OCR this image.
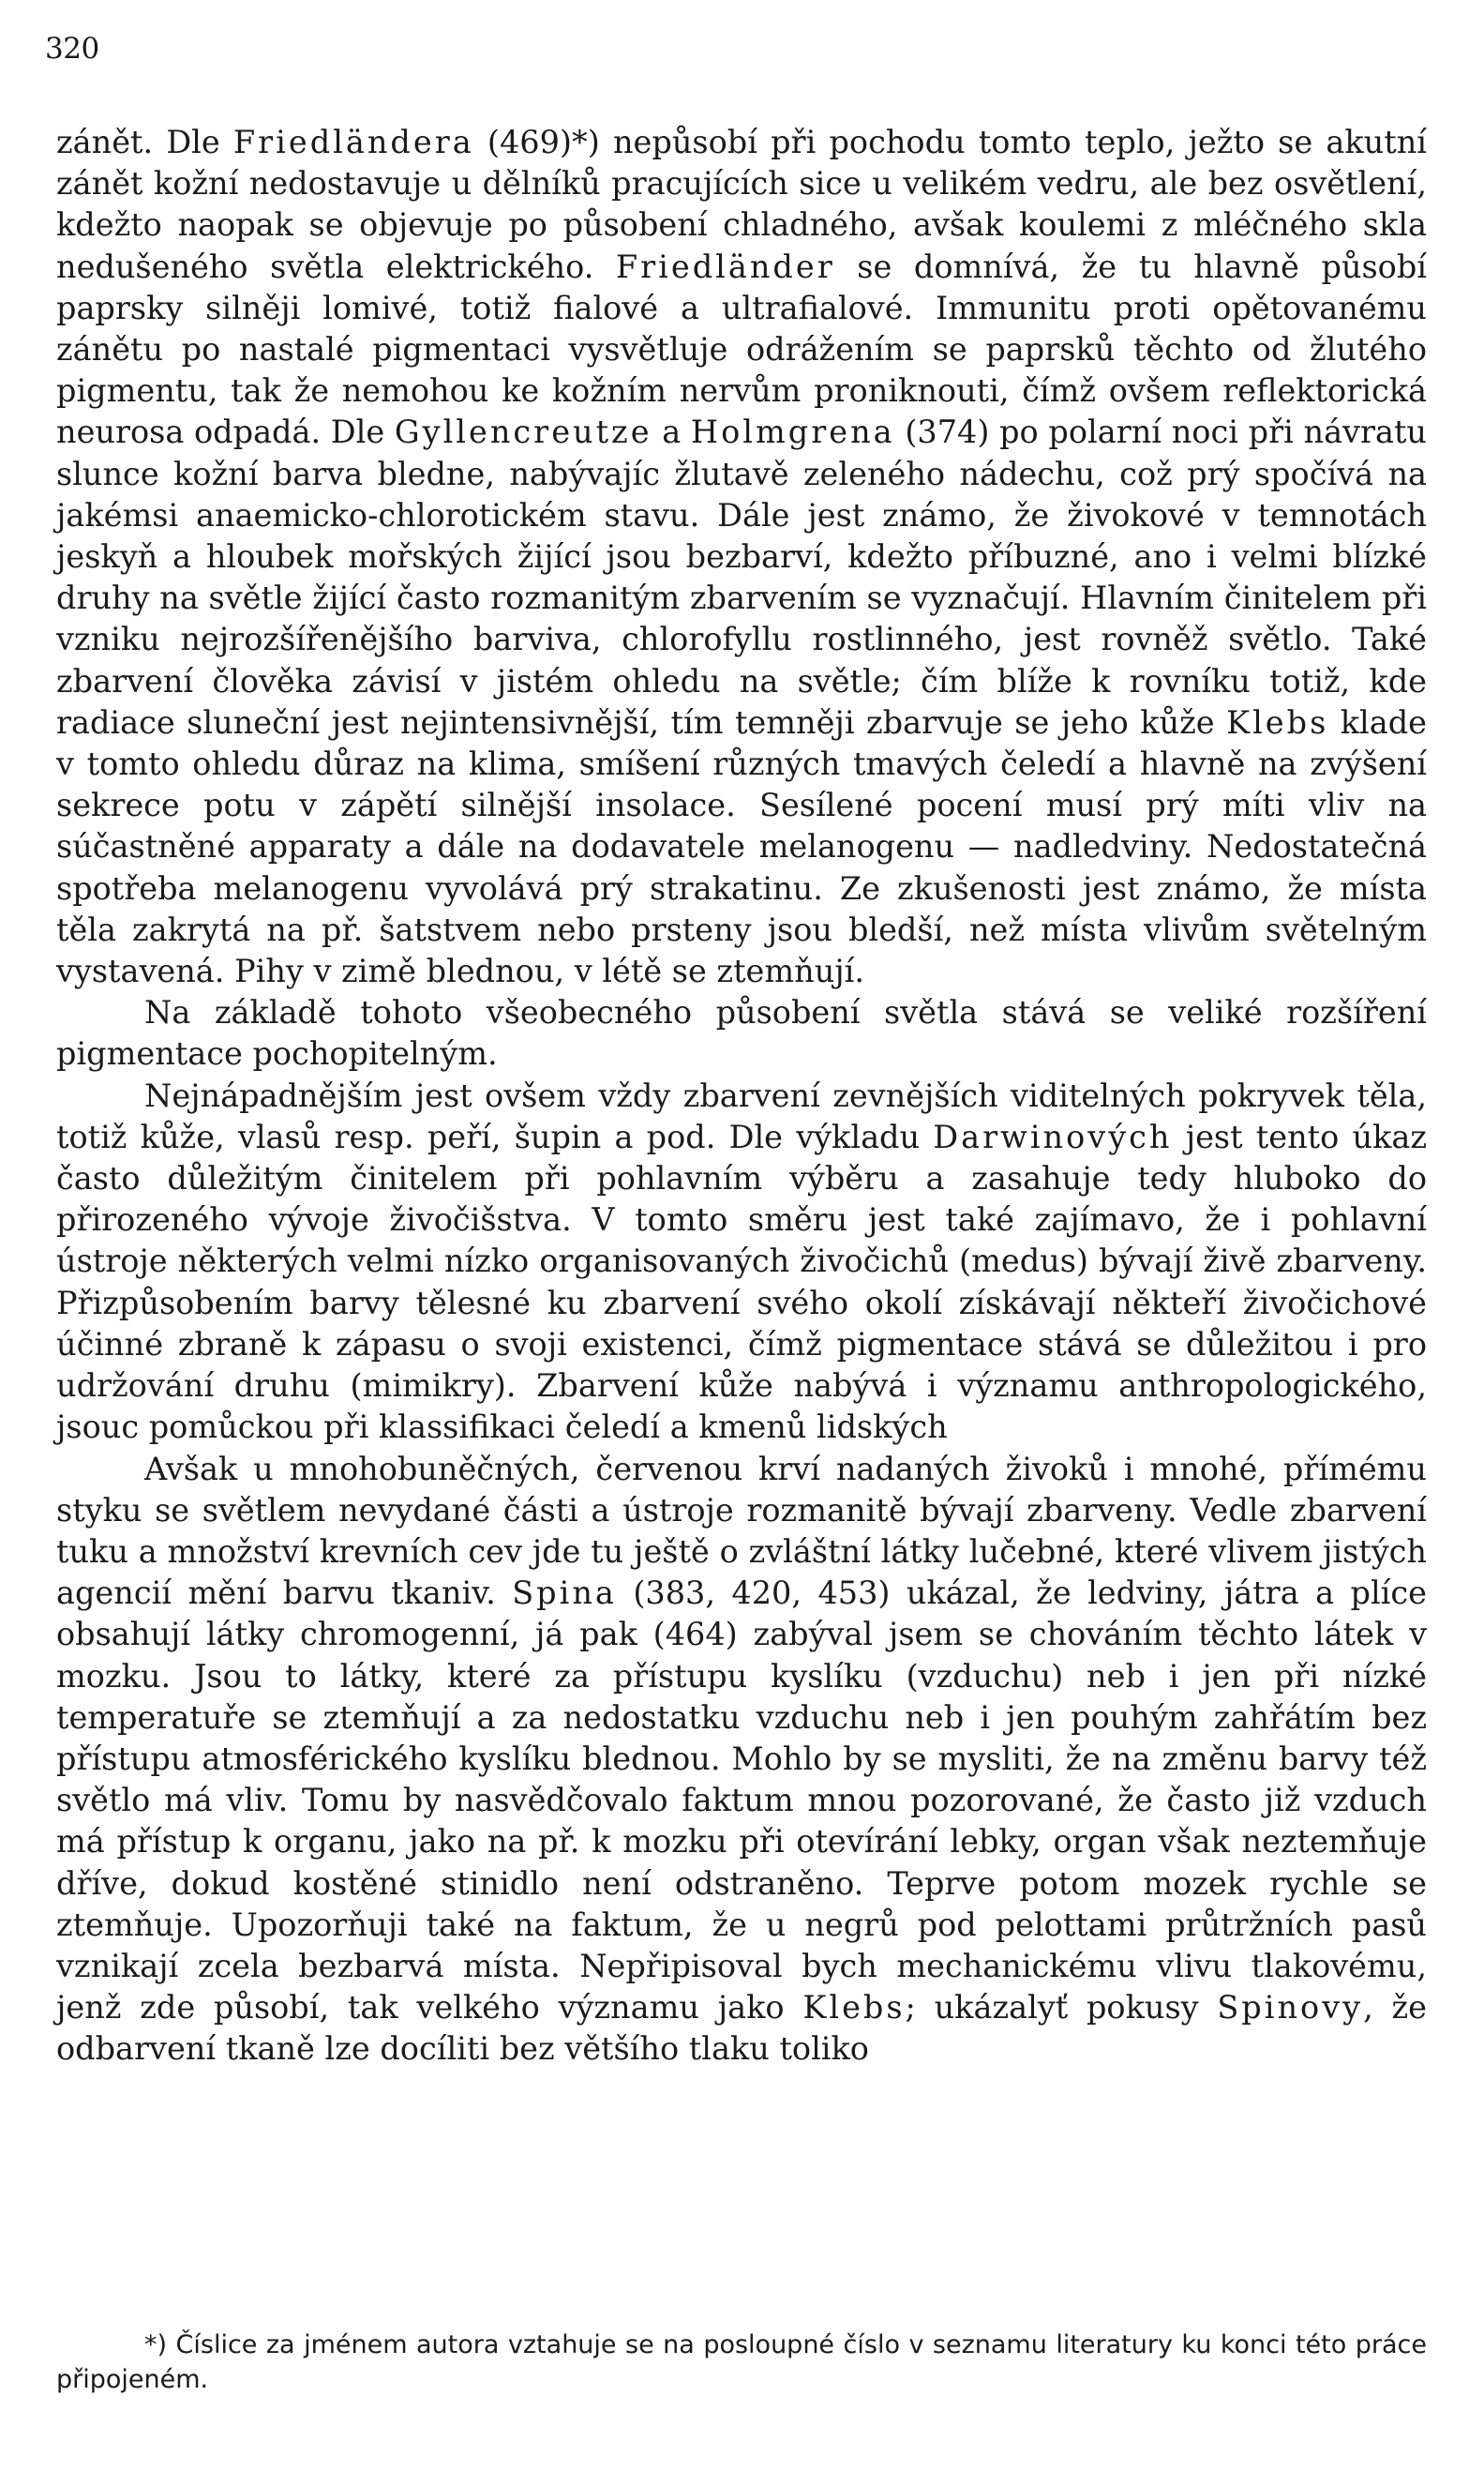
320

zánět. Dle Friedländera (469)*) nepůsobí při pochodu tomto teplo, ježto se akutní zánět kožní nedostavuje u dělníků pracujících sice u velikém vedru, ale bez osvětlení, kdežto naopak se objevuje po působení chladného, avšak koulemi z mléčného skla nedušeného světla elektrického. Friedländer se domnívá, že tu hlavně působí paprsky silněji lomivé, totiž fialové a ultrafialové. Immunitu proti opětovanému zánětu po nastalé pigmentaci vysvětluje odrážením se paprsků těchto od žlutého pigmentu, tak že nemohou ke kožním nervům proniknouti, čímž ovšem reflektorická neurosa odpadá. Dle Gyllencreutze a Holmgrena (374) po polarní noci při návratu slunce kožní barva bledne, nabývajíc žlutavě zeleného nádechu, což prý spočívá na jakémsi anaemicko-chlorotickém stavu. Dále jest známo, že živokové v temnotách jeskyň a hloubek mořských žijící jsou bezbarví, kdežto příbuzné, ano i velmi blízké druhy na světle žijící často rozmanitým zbarvením se vyznačují. Hlavním činitelem při vzniku nejrozšířenějšího barviva, chlorofyllu rostlinného, jest rovněž světlo. Také zbarvení člověka závisí v jistém ohledu na světle; čím blíže k rovníku totiž, kde radiace sluneční jest nejintensivnější, tím temněji zbarvuje se jeho kůže Klebs klade v tomto ohledu důraz na klima, smíšení různých tmavých čeledí a hlavně na zvýšení sekrece potu v zápětí silnější insolace. Sesílené pocení musí prý míti vliv na súčastněné apparaty a dále na dodavatele melanogenu — nadledviny. Nedostatečná spotřeba melanogenu vyvolává prý strakatinu. Ze zkušenosti jest známo, že místa těla zakrytá na př. šatstvem nebo prsteny jsou bledší, než místa vlivům světelným vystavená. Pihy v zimě blednou, v létě se ztemňují.

Na základě tohoto všeobecného působení světla stává se veliké rozšíření pigmentace pochopitelným.

Nejnápadnějším jest ovšem vždy zbarvení zevnějších viditelných pokryvek těla, totiž kůže, vlasů resp. peří, šupin a pod. Dle výkladu Darwinových jest tento úkaz často důležitým činitelem při pohlavním výběru a zasahuje tedy hluboko do přirozeného vývoje živočišstva. V tomto směru jest také zajímavo, že i pohlavní ústroje některých velmi nízko organisovaných živočichů (medus) bývají živě zbarveny. Přizpůsobením barvy tělesné ku zbarvení svého okolí získávají někteří živočichové účinné zbraně k zápasu o svoji existenci, čímž pigmentace stává se důležitou i pro udržování druhu (mimikry). Zbarvení kůže nabývá i významu anthropologického, jsouc pomůckou při klassifikaci čeledí a kmenů lidských

Avšak u mnohobuněčných, červenou krví nadaných živoků i mnohé, přímému styku se světlem nevydané části a ústroje rozmanitě bývají zbarveny. Vedle zbarvení tuku a množství krevních cev jde tu ještě o zvláštní látky lučebné, které vlivem jistých agencií mění barvu tkaniv. Spina (383, 420, 453) ukázal, že ledviny, játra a plíce obsahují látky chromogenní, já pak (464) zabýval jsem se chováním těchto látek v mozku. Jsou to látky, které za přístupu kyslíku (vzduchu) neb i jen při nízké temperatuře se ztemňují a za nedostatku vzduchu neb i jen pouhým zahřátím bez přístupu atmosférického kyslíku blednou. Mohlo by se mysliti, že na změnu barvy též světlo má vliv. Tomu by nasvědčovalo faktum mnou pozorované, že často již vzduch má přístup k organu, jako na př. k mozku při otevírání lebky, organ však neztemňuje dříve, dokud kostěné stinidlo není odstraněno. Teprve potom mozek rychle se ztemňuje. Upozorňuji také na faktum, že u negrů pod pelottami průtržních pasů vznikají zcela bezbarvá místa. Nepřipisoval bych mechanickému vlivu tlakovému, jenž zde působí, tak velkého významu jako Klebs; ukázalyť pokusy Spinovy, že odbarvení tkaně lze docíliti bez většího tlaku toliko

*) Číslice za jménem autora vztahuje se na posloupné číslo v seznamu literatury ku konci této práce připojeném.
